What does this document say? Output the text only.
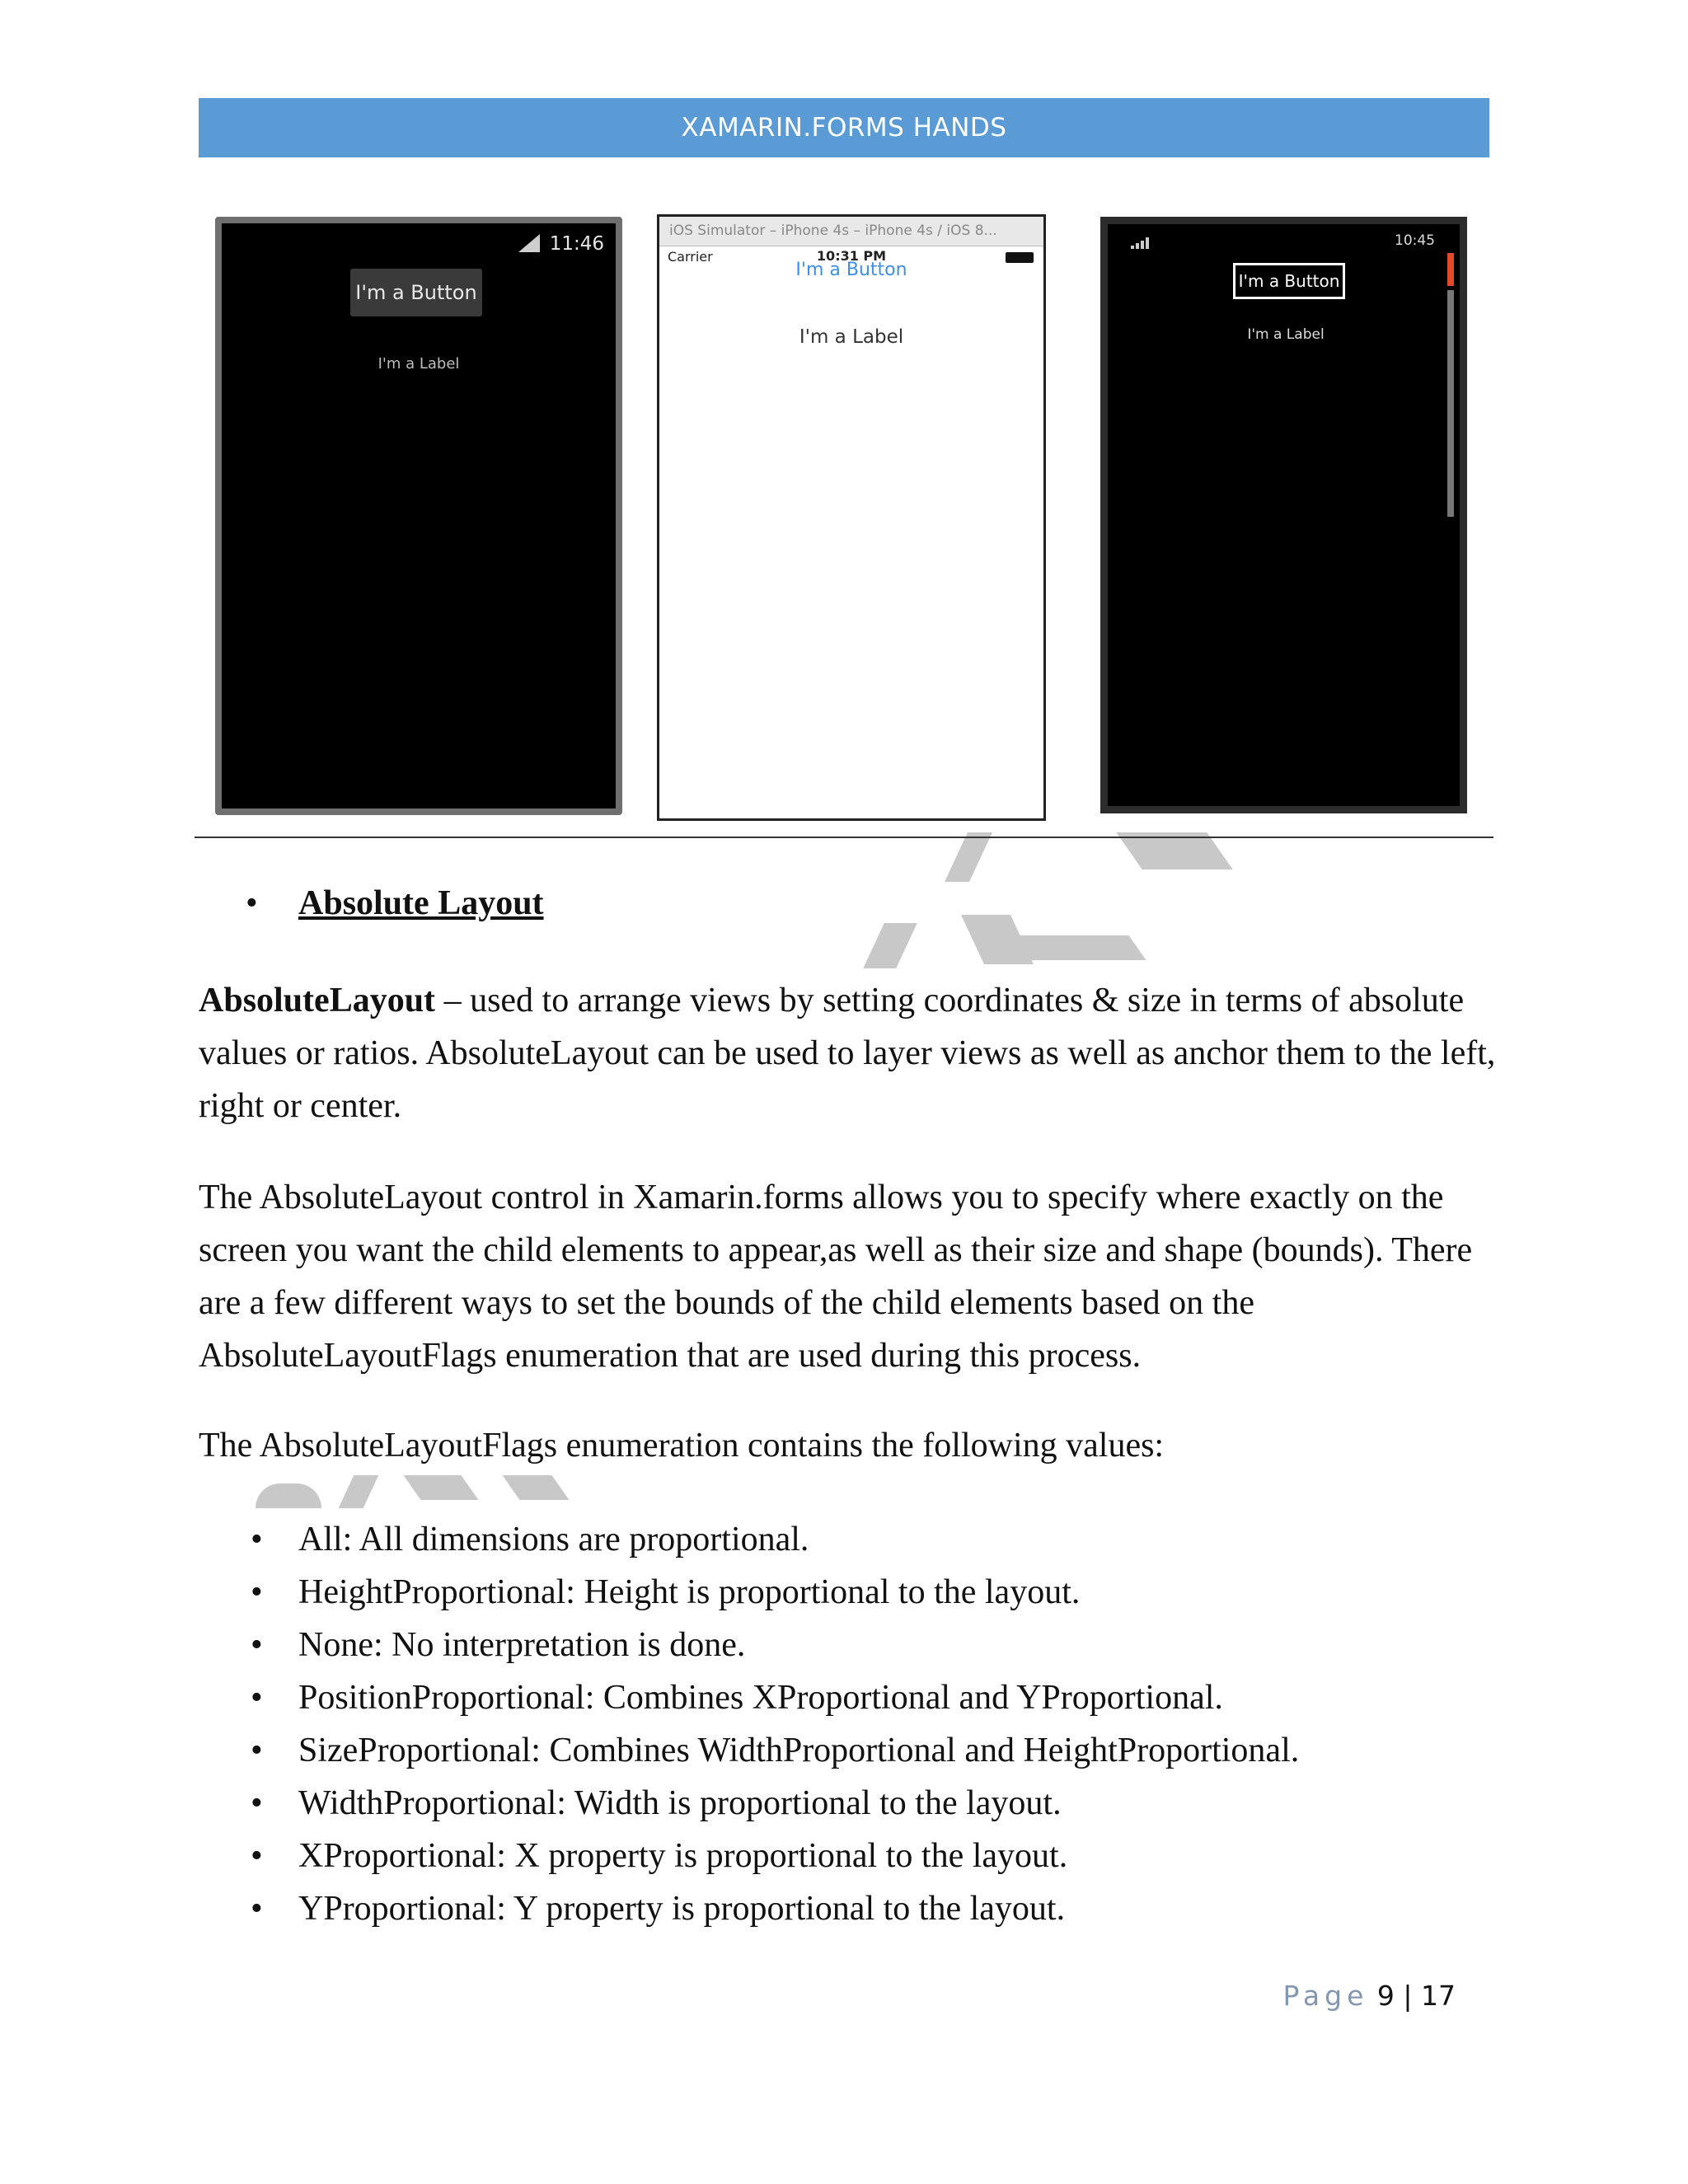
XAMARIN.FORMS HANDS
11:46
I'm a Button
I'm a Label
iOS Simulator – iPhone 4s – iPhone 4s / iOS 8...
Carrier	10:31 PM
I'm a Button
I'm a Label
10:45
I'm a Button
I'm a Label
• Absolute Layout

AbsoluteLayout – used to arrange views by setting coordinates & size in terms of absolute values or ratios. AbsoluteLayout can be used to layer views as well as anchor them to the left, right or center.

The AbsoluteLayout control in Xamarin.forms allows you to specify where exactly on the screen you want the child elements to appear,as well as their size and shape (bounds). There are a few different ways to set the bounds of the child elements based on the AbsoluteLayoutFlags enumeration that are used during this process.

The AbsoluteLayoutFlags enumeration contains the following values:

• All: All dimensions are proportional.
• HeightProportional: Height is proportional to the layout.
• None: No interpretation is done.
• PositionProportional: Combines XProportional and YProportional.
• SizeProportional: Combines WidthProportional and HeightProportional.
• WidthProportional: Width is proportional to the layout.
• XProportional: X property is proportional to the layout.
• YProportional: Y property is proportional to the layout.
Page 9 | 17
